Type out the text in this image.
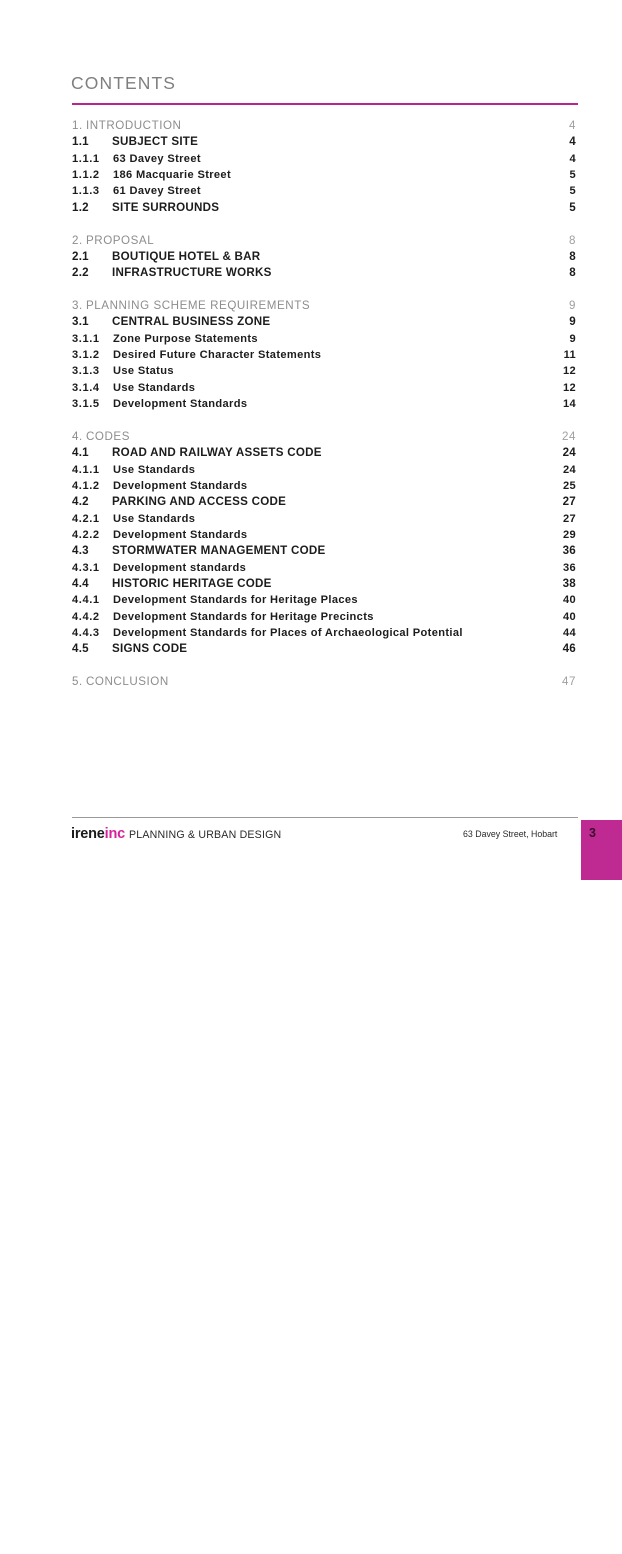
CONTENTS
1. INTRODUCTION	4
1.1 SUBJECT SITE	4
1.1.1 63 Davey Street	4
1.1.2 186 Macquarie Street	5
1.1.3 61 Davey Street	5
1.2 SITE SURROUNDS	5
2. PROPOSAL	8
2.1 BOUTIQUE HOTEL & BAR	8
2.2 INFRASTRUCTURE WORKS	8
3. PLANNING SCHEME REQUIREMENTS	9
3.1 CENTRAL BUSINESS ZONE	9
3.1.1 Zone Purpose Statements	9
3.1.2 Desired Future Character Statements	11
3.1.3 Use Status	12
3.1.4 Use Standards	12
3.1.5 Development Standards	14
4. CODES	24
4.1 ROAD AND RAILWAY ASSETS CODE	24
4.1.1 Use Standards	24
4.1.2 Development Standards	25
4.2 PARKING AND ACCESS CODE	27
4.2.1 Use Standards	27
4.2.2 Development Standards	29
4.3 STORMWATER MANAGEMENT CODE	36
4.3.1 Development standards	36
4.4 HISTORIC HERITAGE CODE	38
4.4.1 Development Standards for Heritage Places	40
4.4.2 Development Standards for Heritage Precincts	40
4.4.3 Development Standards for Places of Archaeological Potential	44
4.5 SIGNS CODE	46
5. CONCLUSION	47
ireneinc PLANNING & URBAN DESIGN	63 Davey Street, Hobart	3
